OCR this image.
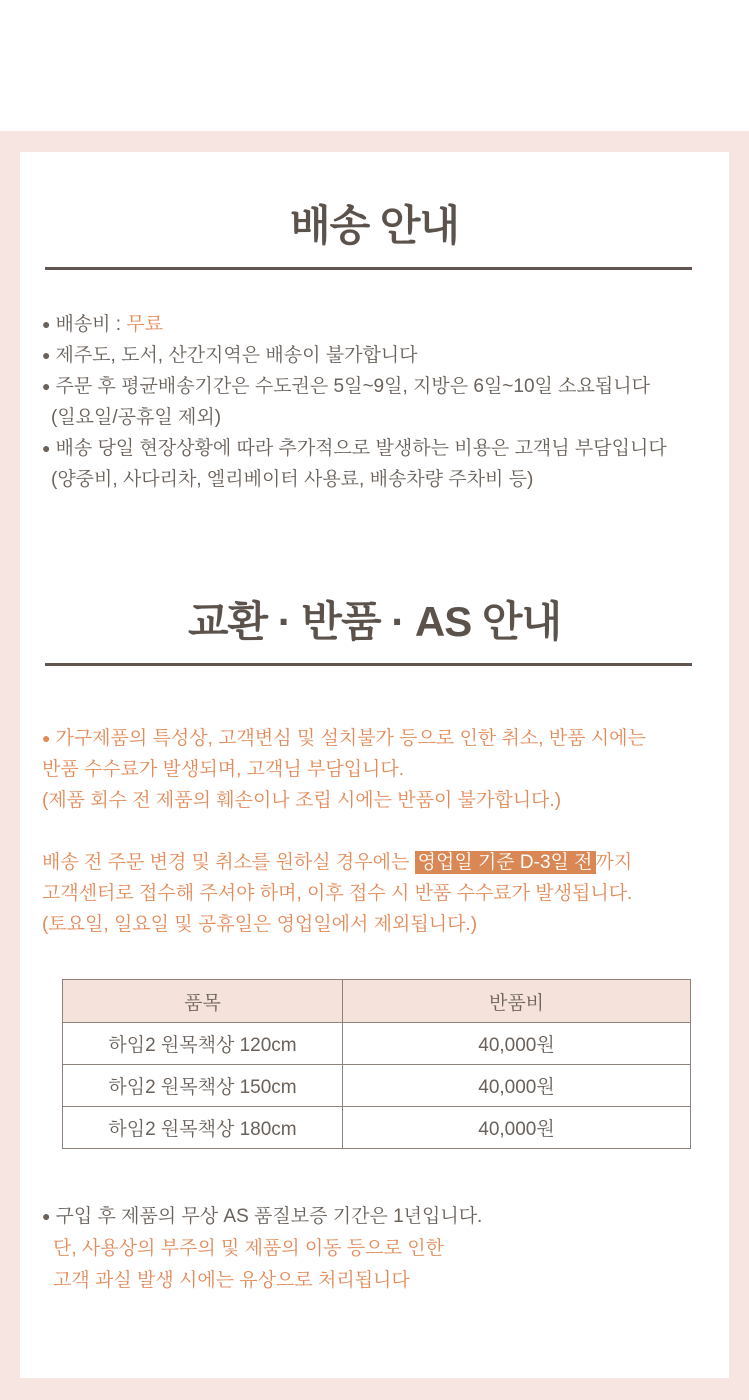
배송 안내
● 배송비 : 무료
● 제주도, 도서, 산간지역은 배송이 불가합니다
● 주문 후 평균배송기간은 수도권은 5일~9일, 지방은 6일~10일 소요됩니다
(일요일/공휴일 제외)
● 배송 당일 현장상황에 따라 추가적으로 발생하는 비용은 고객님 부담입니다
(양중비, 사다리차, 엘리베이터 사용료, 배송차량 주차비 등)
교환 · 반품 · AS 안내
● 가구제품의 특성상, 고객변심 및 설치불가 등으로 인한 취소, 반품 시에는
반품 수수료가 발생되며, 고객님 부담입니다.
(제품 회수 전 제품의 훼손이나 조립 시에는 반품이 불가합니다.)
배송 전 주문 변경 및 취소를 원하실 경우에는 영업일 기준 D-3일 전 까지
고객센터로 접수해 주셔야 하며, 이후 접수 시 반품 수수료가 발생됩니다.
(토요일, 일요일 및 공휴일은 영업일에서 제외됩니다.)
품목	반품비
하임2 원목책상 120cm	40,000원
하임2 원목책상 150cm	40,000원
하임2 원목책상 180cm	40,000원
● 구입 후 제품의 무상 AS 품질보증 기간은 1년입니다.
단, 사용상의 부주의 및 제품의 이동 등으로 인한
고객 과실 발생 시에는 유상으로 처리됩니다
